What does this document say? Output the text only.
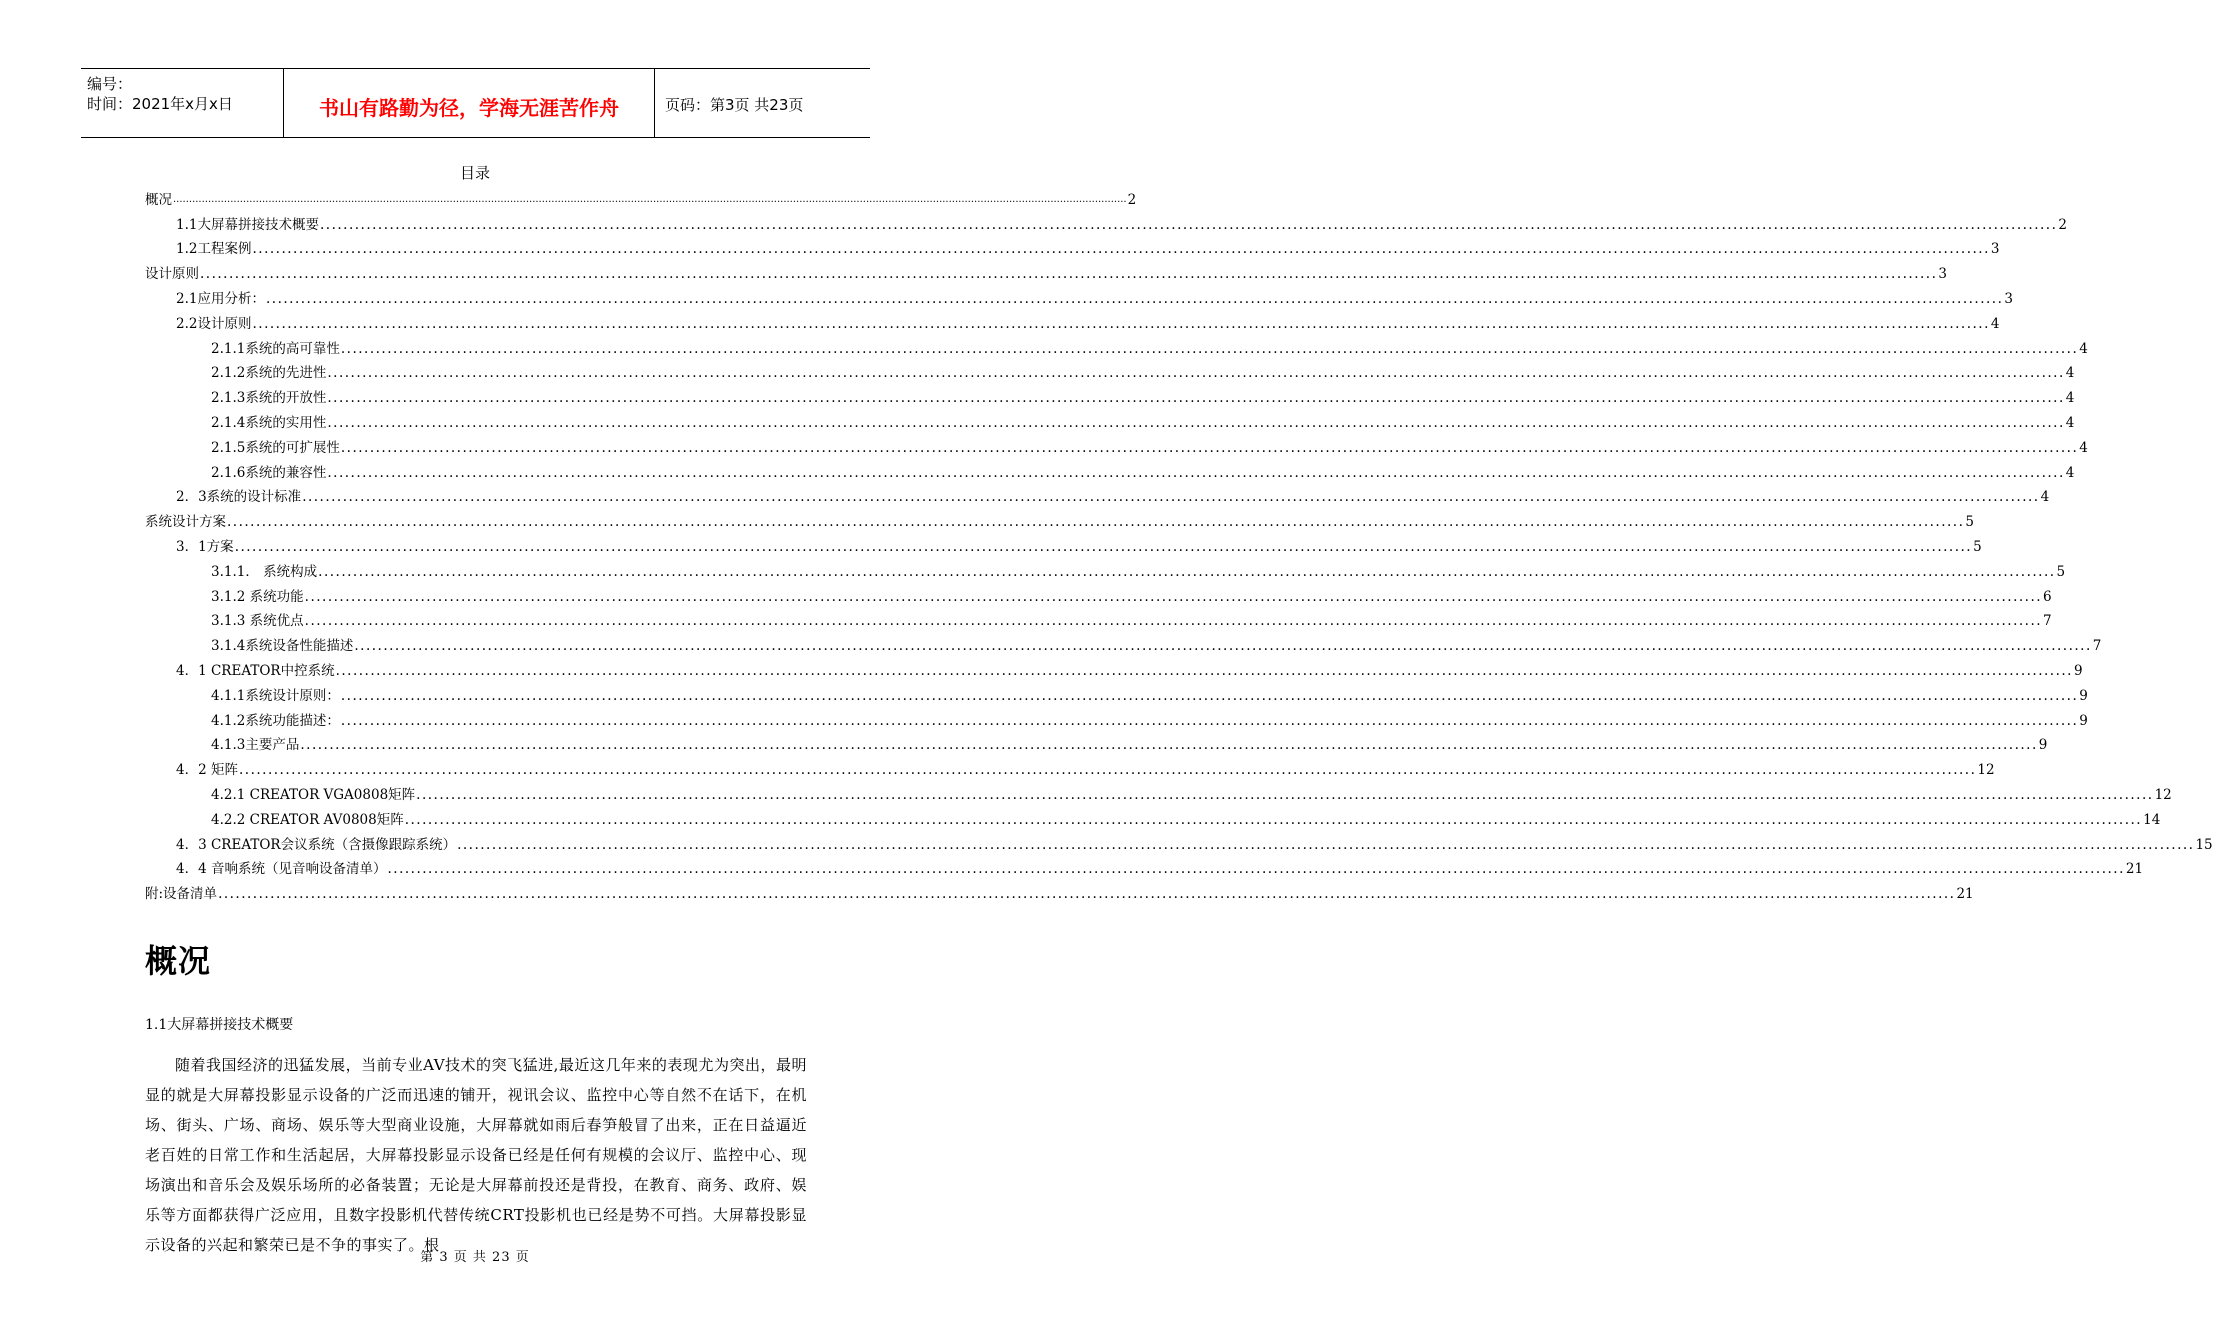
编号：
时间：2021年x月x日	书山有路勤为径，学海无涯苦作舟	页码：第3页 共23页
目录
概况 ............................................................................................................................................................................................................................................................................................................ 2
1.1大屏幕拼接技术概要 ............................................................................................................................................................................................................................................................................................................ 2
1.2工程案例 ............................................................................................................................................................................................................................................................................................................ 3
设计原则 ............................................................................................................................................................................................................................................................................................................ 3
2.1应用分析： ............................................................................................................................................................................................................................................................................................................ 3
2.2设计原则 ............................................................................................................................................................................................................................................................................................................ 4
2.1.1系统的高可靠性 ............................................................................................................................................................................................................................................................................................................ 4
2.1.2系统的先进性 ............................................................................................................................................................................................................................................................................................................ 4
2.1.3系统的开放性 ............................................................................................................................................................................................................................................................................................................ 4
2.1.4系统的实用性 ............................................................................................................................................................................................................................................................................................................ 4
2.1.5系统的可扩展性 ............................................................................................................................................................................................................................................................................................................ 4
2.1.6系统的兼容性 ............................................................................................................................................................................................................................................................................................................ 4
2．3系统的设计标准 ............................................................................................................................................................................................................................................................................................................ 4
系统设计方案 ............................................................................................................................................................................................................................................................................................................ 5
3．1方案 ............................................................................................................................................................................................................................................................................................................ 5
3.1.1． 系统构成 ............................................................................................................................................................................................................................................................................................................ 5
3.1.2 系统功能 ............................................................................................................................................................................................................................................................................................................ 6
3.1.3 系统优点 ............................................................................................................................................................................................................................................................................................................ 7
3.1.4系统设备性能描述 ............................................................................................................................................................................................................................................................................................................ 7
4．1 CREATOR中控系统 ............................................................................................................................................................................................................................................................................................................ 9
4.1.1系统设计原则： ............................................................................................................................................................................................................................................................................................................ 9
4.1.2系统功能描述： ............................................................................................................................................................................................................................................................................................................ 9
4.1.3主要产品 ............................................................................................................................................................................................................................................................................................................ 9
4．2 矩阵 ............................................................................................................................................................................................................................................................................................................ 12
4.2.1 CREATOR VGA0808矩阵 ............................................................................................................................................................................................................................................................................................................ 12
4.2.2 CREATOR AV0808矩阵 ............................................................................................................................................................................................................................................................................................................ 14
4．3 CREATOR会议系统（含摄像跟踪系统） ............................................................................................................................................................................................................................................................................................................ 15
4．4 音响系统（见音响设备清单） ............................................................................................................................................................................................................................................................................................................ 21
附:设备清单 ............................................................................................................................................................................................................................................................................................................ 21
概况
1.1大屏幕拼接技术概要
随着我国经济的迅猛发展，当前专业AV技术的突飞猛进,最近这几年来的表现尤为突出，最明显的就是大屏幕投影显示设备的广泛而迅速的铺开，视讯会议、监控中心等自然不在话下，在机场、街头、广场、商场、娱乐等大型商业设施，大屏幕就如雨后春笋般冒了出来，正在日益逼近老百姓的日常工作和生活起居，大屏幕投影显示设备已经是任何有规模的会议厅、监控中心、现场演出和音乐会及娱乐场所的必备装置；无论是大屏幕前投还是背投，在教育、商务、政府、娱乐等方面都获得广泛应用，且数字投影机代替传统CRT投影机也已经是势不可挡。大屏幕投影显示设备的兴起和繁荣已是不争的事实了。根
第 3 页 共 23 页
